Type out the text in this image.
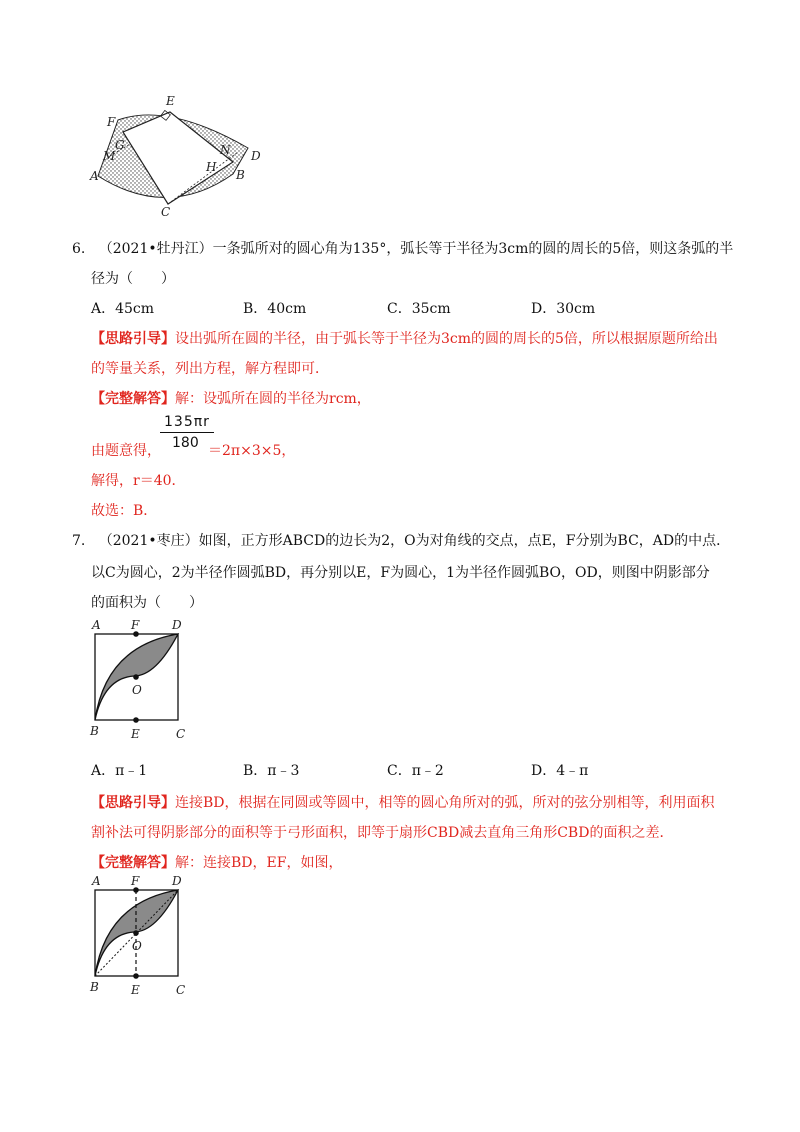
E
F
G
M
A
C
B
H
N D
6. （2021•牡丹江）一条弧所对的圆心角为135°，弧长等于半径为3cm的圆的周长的5倍，则这条弧的半
径为（　　）
A．45cm	B．40cm	C．35cm	D．30cm
【思路引导】设出弧所在圆的半径，由于弧长等于半径为3cm的圆的周长的5倍，所以根据原题所给出
的等量关系，列出方程，解方程即可．
【完整解答】解：设弧所在圆的半径为rcm，
$\frac{135\pi r}{180}$
由题意得，	＝2π×3×5，
解得，r＝40．
故选：B．
7. （2021•枣庄）如图，正方形ABCD的边长为2，O为对角线的交点，点E，F分别为BC，AD的中点．
以C为圆心，2为半径作圆弧BD，再分别以E，F为圆心，1为半径作圆弧BO，OD，则图中阴影部分
的面积为（　　）
A	F	D
O
B	E	C
A．π﹣1	B．π﹣3	C．π﹣2	D．4﹣π
【思路引导】连接BD，根据在同圆或等圆中，相等的圆心角所对的弧，所对的弦分别相等，利用面积
割补法可得阴影部分的面积等于弓形面积，即等于扇形CBD减去直角三角形CBD的面积之差．
【完整解答】解：连接BD，EF，如图，
A	F	D
O
B	E	C
